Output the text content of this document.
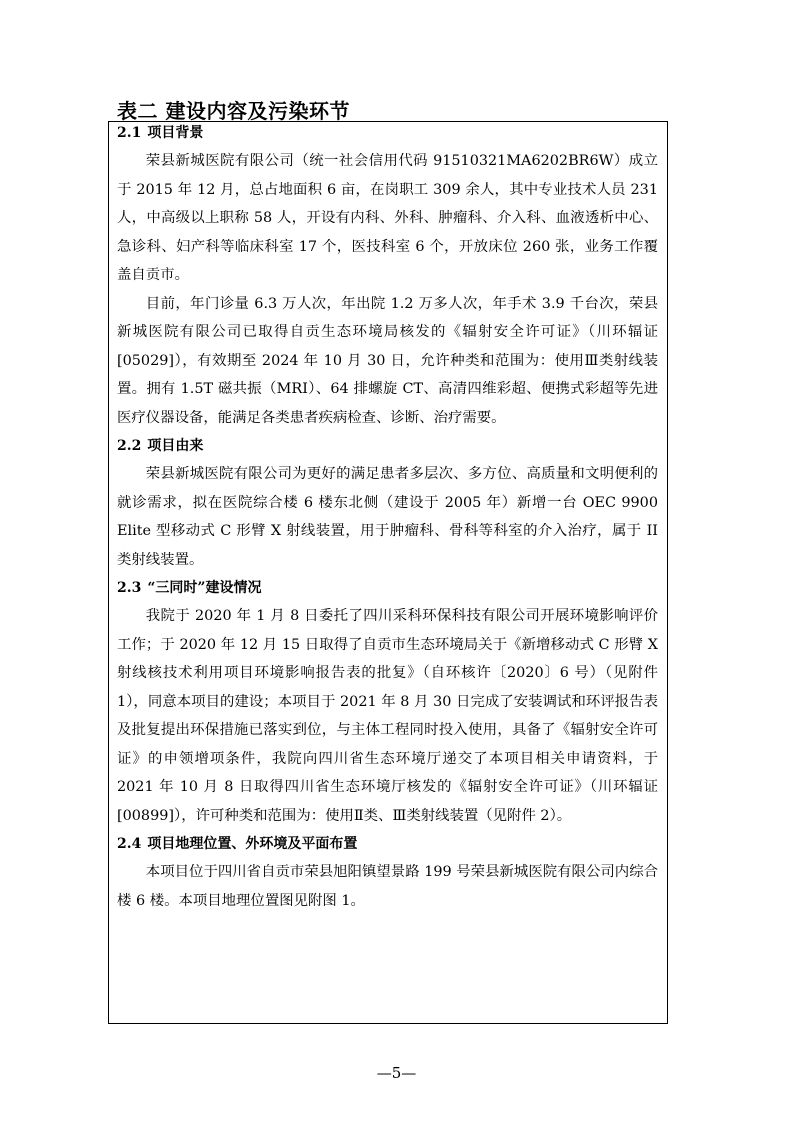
表二 建设内容及污染环节
2.1 项目背景

荣县新城医院有限公司（统一社会信用代码 91510321MA6202BR6W）成立于 2015 年 12 月，总占地面积 6 亩，在岗职工 309 余人，其中专业技术人员 231 人，中高级以上职称 58 人，开设有内科、外科、肿瘤科、介入科、血液透析中心、急诊科、妇产科等临床科室 17 个，医技科室 6 个，开放床位 260 张，业务工作覆盖自贡市。

目前，年门诊量 6.3 万人次，年出院 1.2 万多人次，年手术 3.9 千台次，荣县新城医院有限公司已取得自贡生态环境局核发的《辐射安全许可证》（川环辐证[05029]），有效期至 2024 年 10 月 30 日，允许种类和范围为：使用Ⅲ类射线装置。拥有 1.5T 磁共振（MRI）、64 排螺旋 CT、高清四维彩超、便携式彩超等先进医疗仪器设备，能满足各类患者疾病检查、诊断、治疗需要。

2.2 项目由来

荣县新城医院有限公司为更好的满足患者多层次、多方位、高质量和文明便利的就诊需求，拟在医院综合楼 6 楼东北侧（建设于 2005 年）新增一台 OEC 9900 Elite 型移动式 C 形臂 X 射线装置，用于肿瘤科、骨科等科室的介入治疗，属于 II 类射线装置。

2.3 “三同时”建设情况

我院于 2020 年 1 月 8 日委托了四川采科环保科技有限公司开展环境影响评价工作；于 2020 年 12 月 15 日取得了自贡市生态环境局关于《新增移动式 C 形臂 X 射线核技术利用项目环境影响报告表的批复》（自环核许〔2020〕6 号）（见附件 1），同意本项目的建设；本项目于 2021 年 8 月 30 日完成了安装调试和环评报告表及批复提出环保措施已落实到位，与主体工程同时投入使用，具备了《辐射安全许可证》的申领增项条件，我院向四川省生态环境厅递交了本项目相关申请资料，于 2021 年 10 月 8 日取得四川省生态环境厅核发的《辐射安全许可证》（川环辐证[00899]），许可种类和范围为：使用Ⅱ类、Ⅲ类射线装置（见附件 2）。

2.4 项目地理位置、外环境及平面布置

本项目位于四川省自贡市荣县旭阳镇望景路 199 号荣县新城医院有限公司内综合楼 6 楼。本项目地理位置图见附图 1。

—5—
